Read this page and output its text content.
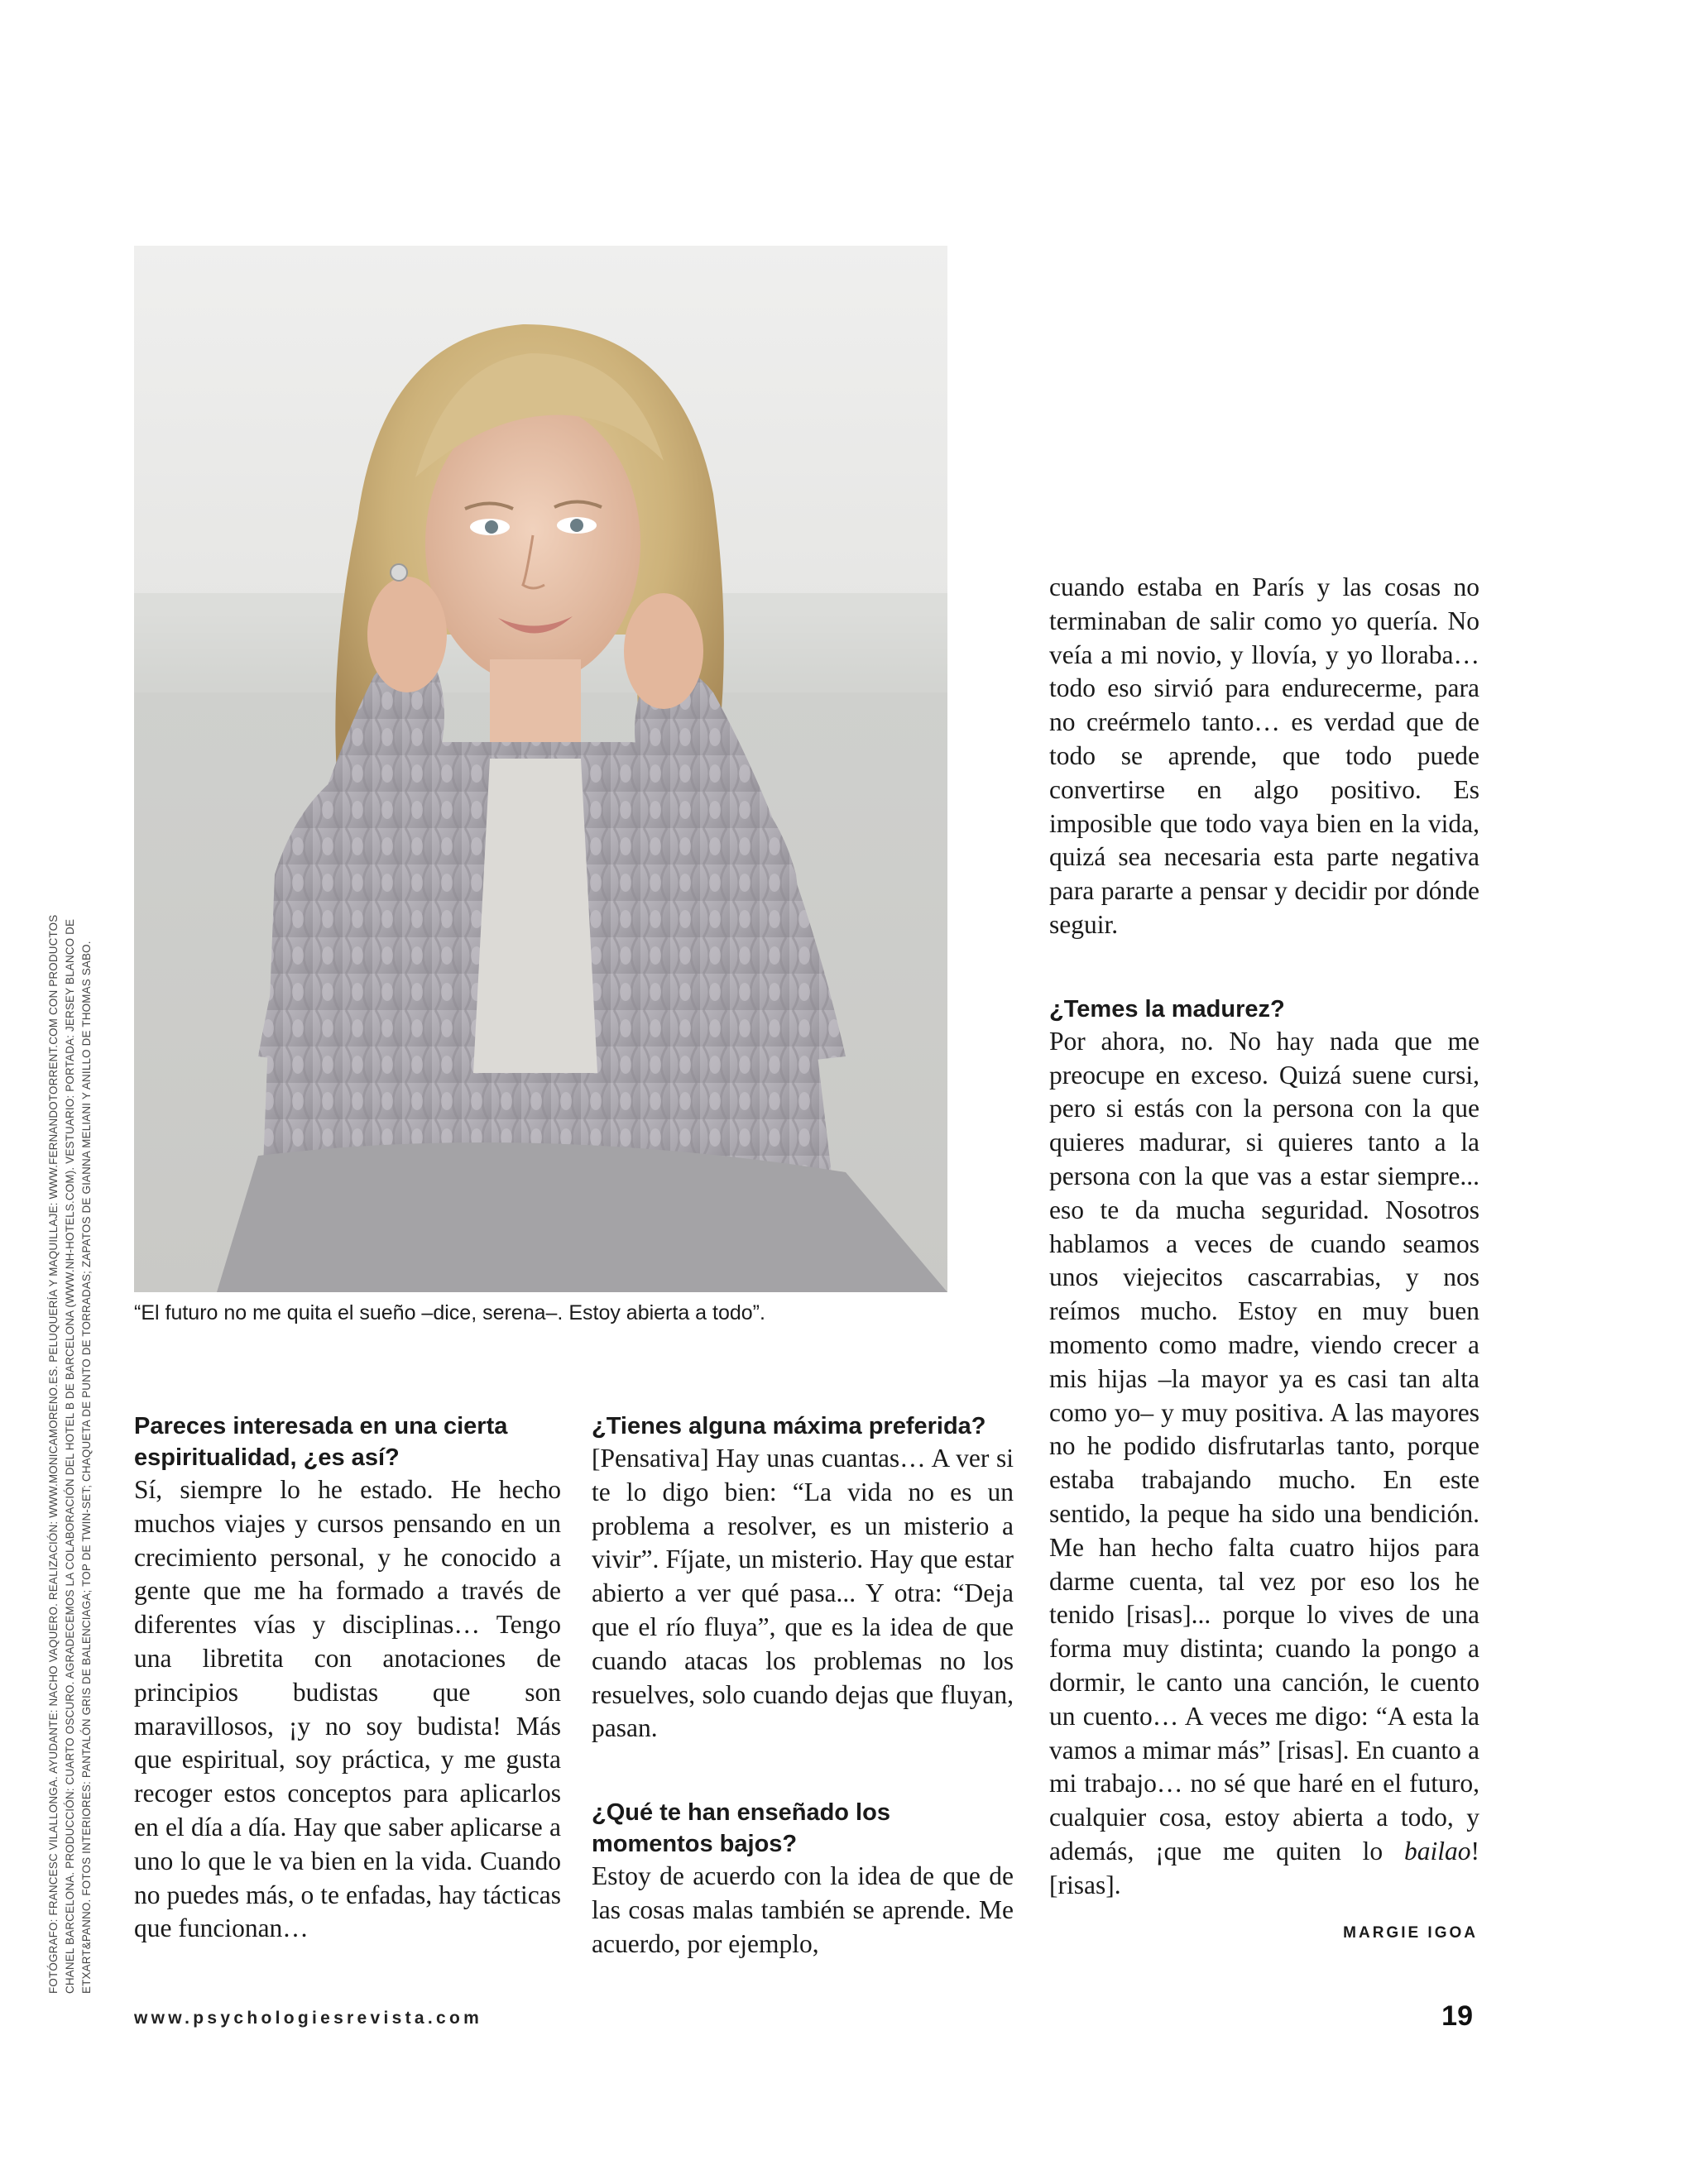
“El futuro no me quita el sueño –dice, serena–. Estoy abierta a todo”.
FOTÓGRAFO: FRANCESC VILALLONGA. AYUDANTE: NACHO VAQUERO. REALIZACIÓN: WWW.MONICAMORENO.ES. PELUQUERÍA Y MAQUILLAJE: WWW.FERNANDOTORRENT.COM CON PRODUCTOS CHANEL BARCELONA. PRODUCCIÓN: CUARTO OSCURO. AGRADECEMOS LA COLABORACIÓN DEL HOTEL B DE BARCELONA (WWW.NH-HOTELS.COM). VESTUARIO: PORTADA: JERSEY BLANCO DE ETXART&PANNO. FOTOS INTERIORES: PANTALÓN GRIS DE BALENCIAGA; TOP DE TWIN-SET; CHAQUETA DE PUNTO DE TORRADAS; ZAPATOS DE GIANNA MELIANI Y ANILLO DE THOMAS SABO. Pareces interesada en una cierta espiritualidad, ¿es así?

Sí, siempre lo he estado. He hecho muchos viajes y cursos pensando en un crecimiento personal, y he conocido a gente que me ha formado a través de diferentes vías y disciplinas… Tengo una libretita con anotaciones de principios budistas que son maravillosos, ¡y no soy budista! Más que espiritual, soy práctica, y me gusta recoger estos conceptos para aplicarlos en el día a día. Hay que saber aplicarse a uno lo que le va bien en la vida. Cuando no puedes más, o te enfadas, hay tácticas que funcionan…

¿Tienes alguna máxima preferida?

[Pensativa] Hay unas cuantas… A ver si te lo digo bien: “La vida no es un problema a resolver, es un misterio a vivir”. Fíjate, un misterio. Hay que estar abierto a ver qué pasa... Y otra: “Deja que el río fluya”, que es la idea de que cuando atacas los problemas no los resuelves, solo cuando dejas que fluyan, pasan.

¿Qué te han enseñado los momentos bajos?

Estoy de acuerdo con la idea de que de las cosas malas también se aprende. Me acuerdo, por ejemplo,

cuando estaba en París y las cosas no terminaban de salir como yo quería. No veía a mi novio, y llovía, y yo lloraba… todo eso sirvió para endurecerme, para no creérmelo tanto… es verdad que de todo se aprende, que todo puede convertirse en algo positivo. Es imposible que todo vaya bien en la vida, quizá sea necesaria esta parte negativa para pararte a pensar y decidir por dónde seguir.

¿Temes la madurez?

Por ahora, no. No hay nada que me preocupe en exceso. Quizá suene cursi, pero si estás con la persona con la que quieres madurar, si quieres tanto a la persona con la que vas a estar siempre... eso te da mucha seguridad. Nosotros hablamos a veces de cuando seamos unos viejecitos cascarrabias, y nos reímos mucho. Estoy en muy buen momento como madre, viendo crecer a mis hijas –la mayor ya es casi tan alta como yo– y muy positiva. A las mayores no he podido disfrutarlas tanto, porque estaba trabajando mucho. En este sentido, la peque ha sido una bendición. Me han hecho falta cuatro hijos para darme cuenta, tal vez por eso los he tenido [risas]... porque lo vives de una forma muy distinta; cuando la pongo a dormir, le canto una canción, le cuento un cuento… A veces me digo: “A esta la vamos a mimar más” [risas]. En cuanto a mi trabajo… no sé que haré en el futuro, cualquier cosa, estoy abierta a todo, y además, ¡que me quiten lo bailao! [risas].

MARGIE IGOA
www.psychologiesrevista.com	19
